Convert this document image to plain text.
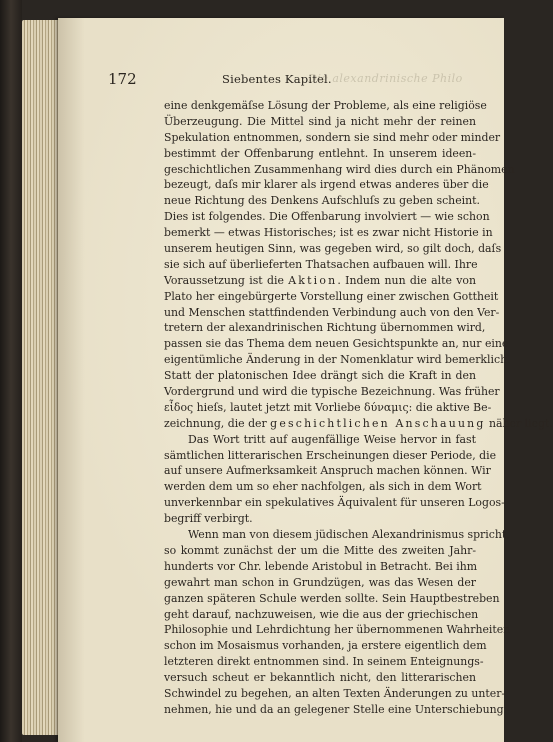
172	Siebentes Kapitel.
Die alexandrinische Philo
eine denkgemäſse Lösung der Probleme, als eine religiöse
Überzeugung. Die Mittel sind ja nicht mehr der reinen
Spekulation entnommen, sondern sie sind mehr oder minder
bestimmt der Offenbarung entlehnt. In unserem ideen-
geschichtlichen Zusammenhang wird dies durch ein Phänomen
bezeugt, daſs mir klarer als irgend etwas anderes über die
neue Richtung des Denkens Aufschluſs zu geben scheint.
Dies ist folgendes. Die Offenbarung involviert — wie schon
bemerkt — etwas Historisches; ist es zwar nicht Historie in
unserem heutigen Sinn, was gegeben wird, so gilt doch, daſs
sie sich auf überlieferten Thatsachen aufbauen will. Ihre
Voraussetzung ist die Aktion. Indem nun die alte von
Plato her eingebürgerte Vorstellung einer zwischen Gottheit
und Menschen stattfindenden Verbindung auch von den Ver-
tretern der alexandrinischen Richtung übernommen wird,
passen sie das Thema dem neuen Gesichtspunkte an, nur eine
eigentümliche Änderung in der Nomenklatur wird bemerklich.
Statt der platonischen Idee drängt sich die Kraft in den
Vordergrund und wird die typische Bezeichnung. Was früher
εἶδος hieſs, lautet jetzt mit Vorliebe δύναμις: die aktive Be-
zeichnung, die der geschichtlichen Anschauung näher liegt.
Das Wort tritt auf augenfällige Weise hervor in fast
sämtlichen litterarischen Erscheinungen dieser Periode, die
auf unsere Aufmerksamkeit Anspruch machen können. Wir
werden dem um so eher nachfolgen, als sich in dem Wort
unverkennbar ein spekulatives Äquivalent für unseren Logos-
begriff verbirgt.
Wenn man von diesem jüdischen Alexandrinismus spricht,
so kommt zunächst der um die Mitte des zweiten Jahr-
hunderts vor Chr. lebende Aristobul in Betracht. Bei ihm
gewahrt man schon in Grundzügen, was das Wesen der
ganzen späteren Schule werden sollte. Sein Hauptbestreben
geht darauf, nachzuweisen, wie die aus der griechischen
Philosophie und Lehrdichtung her übernommenen Wahrheiten
schon im Mosaismus vorhanden, ja erstere eigentlich dem
letzteren direkt entnommen sind. In seinem Enteignungs-
versuch scheut er bekanntlich nicht, den litterarischen
Schwindel zu begehen, an alten Texten Änderungen zu unter-
nehmen, hie und da an gelegener Stelle eine Unterschiebung
